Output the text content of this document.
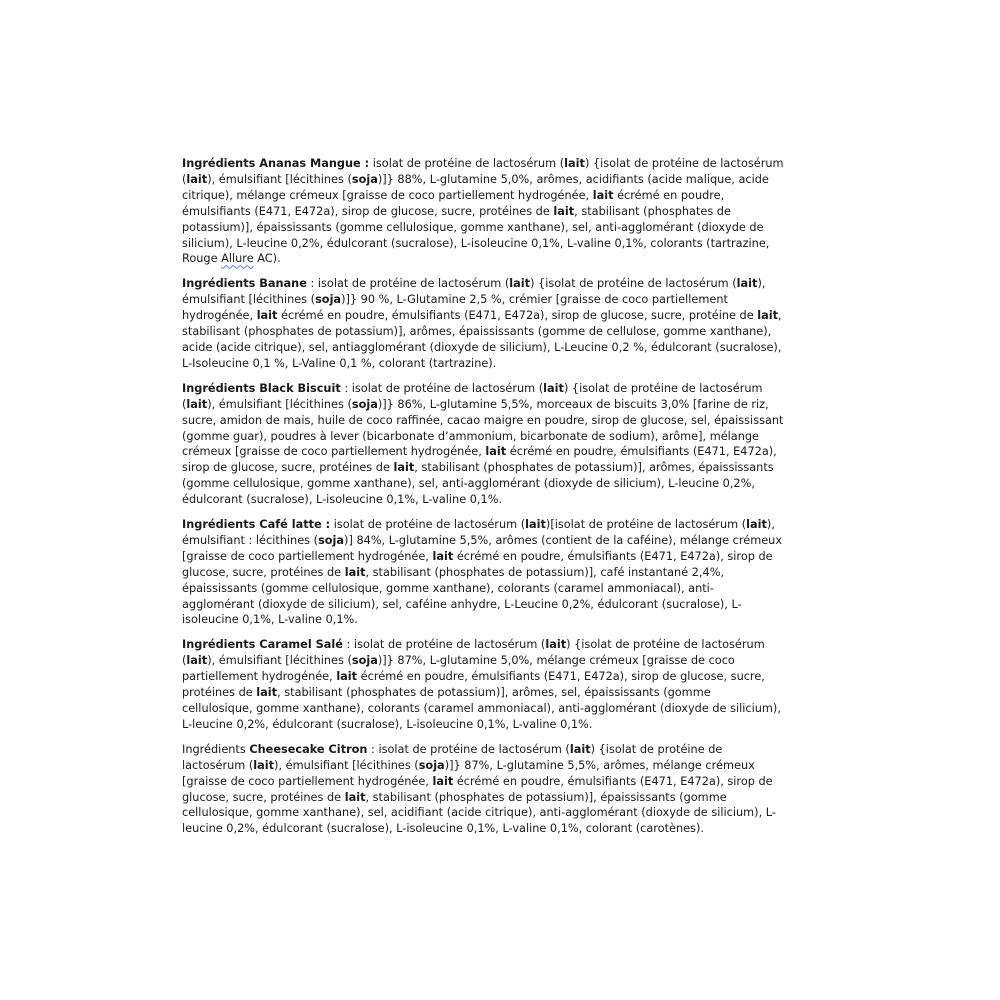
Ingrédients Ananas Mangue : isolat de protéine de lactosérum (lait) {isolat de protéine de lactosérum (lait), émulsifiant [lécithines (soja)]} 88%, L-glutamine 5,0%, arômes, acidifiants (acide malique, acide citrique), mélange crémeux [graisse de coco partiellement hydrogénée, lait écrémé en poudre, émulsifiants (E471, E472a), sirop de glucose, sucre, protéines de lait, stabilisant (phosphates de potassium)], épaississants (gomme cellulosique, gomme xanthane), sel, anti-agglomérant (dioxyde de silicium), L-leucine 0,2%, édulcorant (sucralose), L-isoleucine 0,1%, L-valine 0,1%, colorants (tartrazine, Rouge Allure AC).

Ingrédients Banane : isolat de protéine de lactosérum (lait) {isolat de protéine de lactosérum (lait), émulsifiant [lécithines (soja)]} 90 %, L-Glutamine 2,5 %, crémier [graisse de coco partiellement hydrogénée, lait écrémé en poudre, émulsifiants (E471, E472a), sirop de glucose, sucre, protéine de lait, stabilisant (phosphates de potassium)], arômes, épaississants (gomme de cellulose, gomme xanthane), acide (acide citrique), sel, antiagglomérant (dioxyde de silicium), L-Leucine 0,2 %, édulcorant (sucralose), L-Isoleucine 0,1 %, L-Valine 0,1 %, colorant (tartrazine).

Ingrédients Black Biscuit : isolat de protéine de lactosérum (lait) {isolat de protéine de lactosérum (lait), émulsifiant [lécithines (soja)]} 86%, L-glutamine 5,5%, morceaux de biscuits 3,0% [farine de riz, sucre, amidon de mais, huile de coco raffinée, cacao maigre en poudre, sirop de glucose, sel, épaississant (gomme guar), poudres à lever (bicarbonate d’ammonium, bicarbonate de sodium), arôme], mélange crémeux [graisse de coco partiellement hydrogénée, lait écrémé en poudre, émulsifiants (E471, E472a), sirop de glucose, sucre, protéines de lait, stabilisant (phosphates de potassium)], arômes, épaississants (gomme cellulosique, gomme xanthane), sel, anti-agglomérant (dioxyde de silicium), L-leucine 0,2%, édulcorant (sucralose), L-isoleucine 0,1%, L-valine 0,1%.

Ingrédients Café latte : isolat de protéine de lactosérum (lait)[isolat de protéine de lactosérum (lait), émulsifiant : lécithines (soja)] 84%, L-glutamine 5,5%, arômes (contient de la caféine), mélange crémeux [graisse de coco partiellement hydrogénée, lait écrémé en poudre, émulsifiants (E471, E472a), sirop de glucose, sucre, protéines de lait, stabilisant (phosphates de potassium)], café instantané 2,4%, épaississants (gomme cellulosique, gomme xanthane), colorants (caramel ammoniacal), anti-agglomérant (dioxyde de silicium), sel, caféine anhydre, L-Leucine 0,2%, édulcorant (sucralose), L-isoleucine 0,1%, L-valine 0,1%.

Ingrédients Caramel Salé : isolat de protéine de lactosérum (lait) {isolat de protéine de lactosérum (lait), émulsifiant [lécithines (soja)]} 87%, L-glutamine 5,0%, mélange crémeux [graisse de coco partiellement hydrogénée, lait écrémé en poudre, émulsifiants (E471, E472a), sirop de glucose, sucre, protéines de lait, stabilisant (phosphates de potassium)], arômes, sel, épaississants (gomme cellulosique, gomme xanthane), colorants (caramel ammoniacal), anti-agglomérant (dioxyde de silicium), L-leucine 0,2%, édulcorant (sucralose), L-isoleucine 0,1%, L-valine 0,1%.

Ingrédients Cheesecake Citron : isolat de protéine de lactosérum (lait) {isolat de protéine de lactosérum (lait), émulsifiant [lécithines (soja)]} 87%, L-glutamine 5,5%, arômes, mélange crémeux [graisse de coco partiellement hydrogénée, lait écrémé en poudre, émulsifiants (E471, E472a), sirop de glucose, sucre, protéines de lait, stabilisant (phosphates de potassium)], épaississants (gomme cellulosique, gomme xanthane), sel, acidifiant (acide citrique), anti-agglomérant (dioxyde de silicium), L-leucine 0,2%, édulcorant (sucralose), L-isoleucine 0,1%, L-valine 0,1%, colorant (carotènes).
